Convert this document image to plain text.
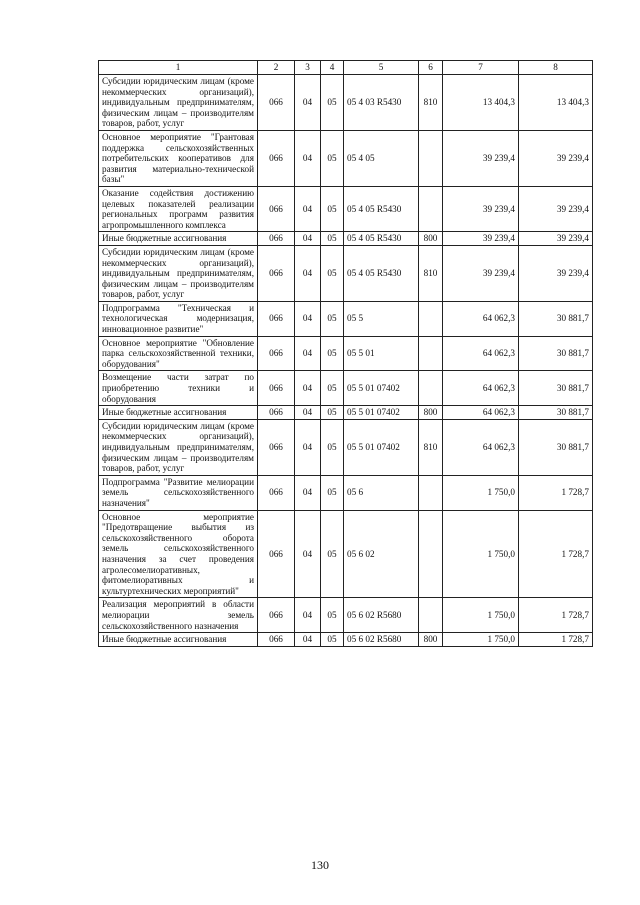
1	2	3	4	5	6	7	8
Субсидии юридическим лицам (кроме некоммерческих организаций), индивидуальным предпринимателям, физическим лицам – производителям товаров, работ, услуг	066	04	05	05 4 03 R5430	810	13 404,3	13 404,3
Основное мероприятие "Грантовая поддержка сельскохозяйственных потребительских кооперативов для развития материально-технической базы"	066	04	05	05 4 05		39 239,4	39 239,4
Оказание содействия достижению целевых показателей реализации региональных программ развития агропромышленного комплекса	066	04	05	05 4 05 R5430		39 239,4	39 239,4
Иные бюджетные ассигнования	066	04	05	05 4 05 R5430	800	39 239,4	39 239,4
Субсидии юридическим лицам (кроме некоммерческих организаций), индивидуальным предпринимателям, физическим лицам – производителям товаров, работ, услуг	066	04	05	05 4 05 R5430	810	39 239,4	39 239,4
Подпрограмма "Техническая и технологическая модернизация, инновационное развитие"	066	04	05	05 5		64 062,3	30 881,7
Основное мероприятие "Обновление парка сельскохозяйственной техники, оборудования"	066	04	05	05 5 01		64 062,3	30 881,7
Возмещение части затрат по приобретению техники и оборудования	066	04	05	05 5 01 07402		64 062,3	30 881,7
Иные бюджетные ассигнования	066	04	05	05 5 01 07402	800	64 062,3	30 881,7
Субсидии юридическим лицам (кроме некоммерческих организаций), индивидуальным предпринимателям, физическим лицам – производителям товаров, работ, услуг	066	04	05	05 5 01 07402	810	64 062,3	30 881,7
Подпрограмма "Развитие мелиорации земель сельскохозяйственного назначения"	066	04	05	05 6		1 750,0	1 728,7
Основное мероприятие "Предотвращение выбытия из сельскохозяйственного оборота земель сельскохозяйственного назначения за счет проведения агролесомелиоративных, фитомелиоративных и культуртехнических мероприятий"	066	04	05	05 6 02		1 750,0	1 728,7
Реализация мероприятий в области мелиорации земель сельскохозяйственного назначения	066	04	05	05 6 02 R5680		1 750,0	1 728,7
Иные бюджетные ассигнования	066	04	05	05 6 02 R5680	800	1 750,0	1 728,7
130
